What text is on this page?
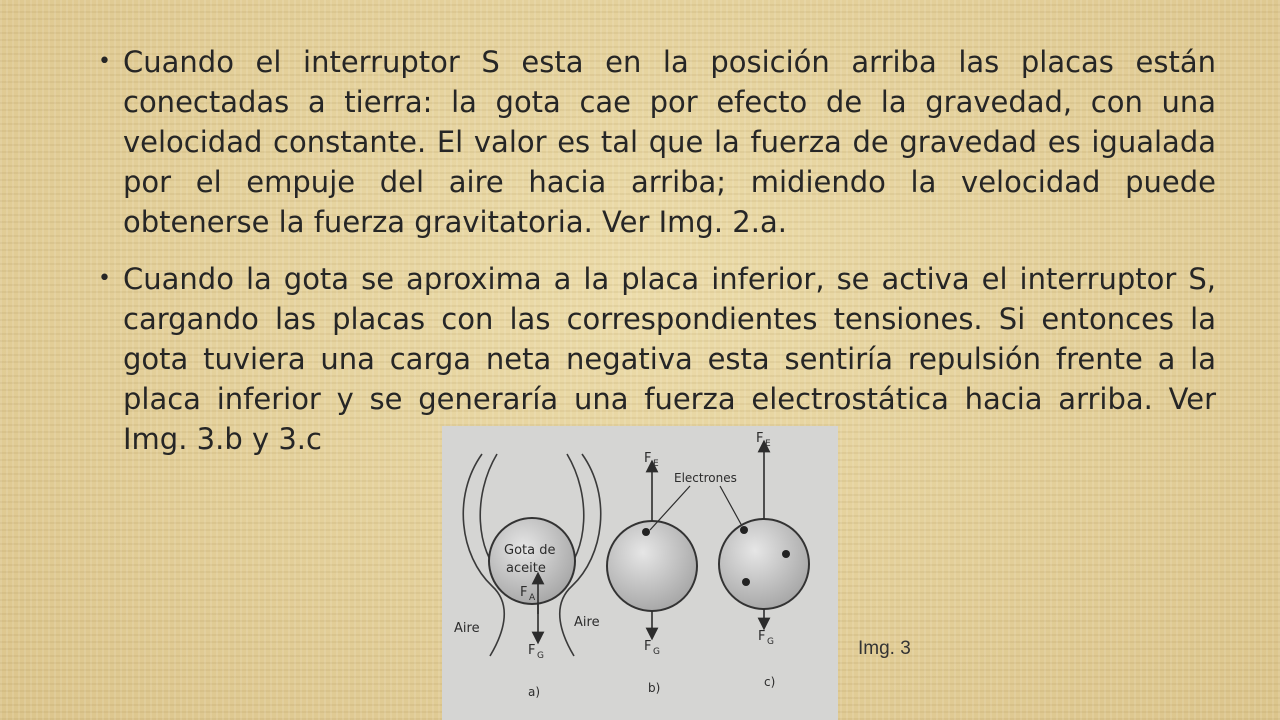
• Cuando el interruptor S esta en la posición arriba las placas están conectadas a tierra: la gota cae por efecto de la gravedad, con una velocidad constante. El valor es tal que la fuerza de gravedad es igualada por el empuje del aire hacia arriba; midiendo la velocidad puede obtenerse la fuerza gravitatoria. Ver Img. 2.a.

• Cuando la gota se aproxima a la placa inferior, se activa el interruptor S, cargando las placas con las correspondientes tensiones. Si entonces la gota tuviera una carga neta negativa esta sentiría repulsión frente a la placa inferior y se generaría una fuerza electrostática hacia arriba. Ver Img. 3.b y 3.c

Gota de
aceite
F A
F G
Aire	Aire
a)
F E
F G
b)
Electrones
F E
F G
c)
Img. 3
